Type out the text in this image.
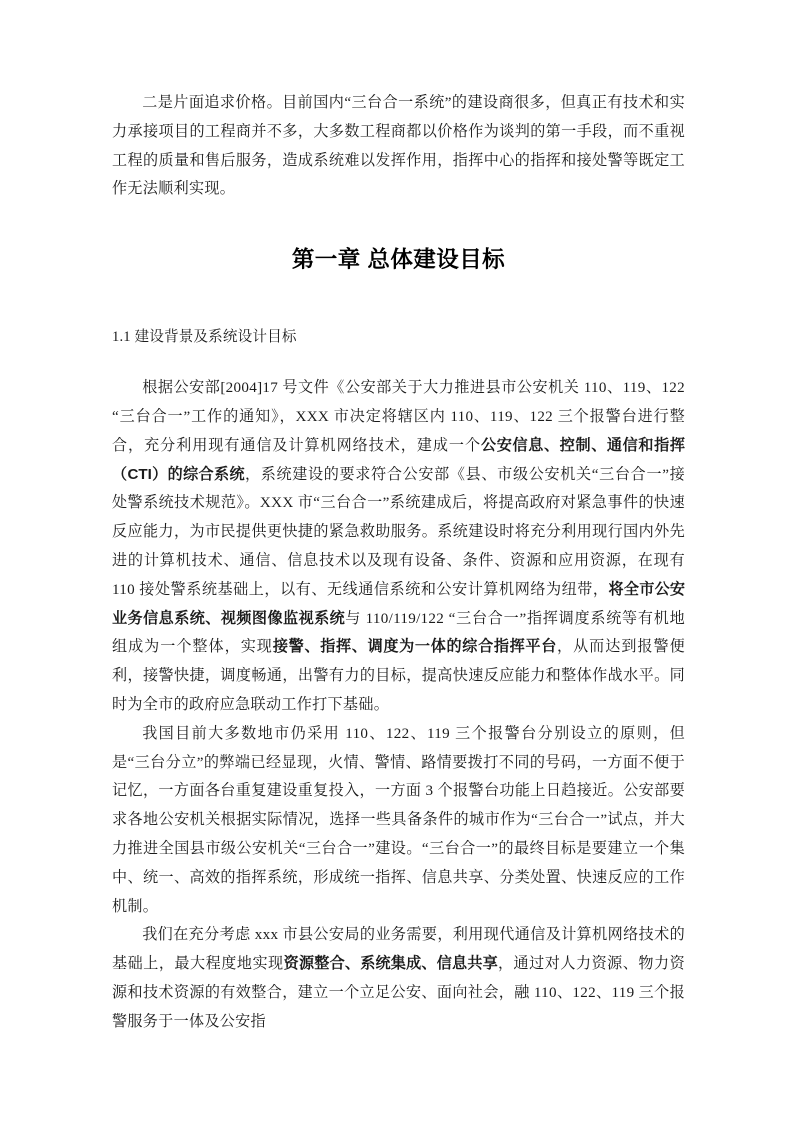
二是片面追求价格。目前国内“三台合一系统”的建设商很多，但真正有技术和实力承接项目的工程商并不多，大多数工程商都以价格作为谈判的第一手段，而不重视工程的质量和售后服务，造成系统难以发挥作用，指挥中心的指挥和接处警等既定工作无法顺利实现。

第一章 总体建设目标
1.1 建设背景及系统设计目标

根据公安部[2004]17 号文件《公安部关于大力推进县市公安机关 110、119、122 “三台合一”工作的通知》，XXX 市决定将辖区内 110、119、122 三个报警台进行整合，充分利用现有通信及计算机网络技术，建成一个公安信息、控制、通信和指挥（CTI）的综合系统，系统建设的要求符合公安部《县、市级公安机关“三台合一”接处警系统技术规范》。XXX 市“三台合一”系统建成后，将提高政府对紧急事件的快速反应能力，为市民提供更快捷的紧急救助服务。系统建设时将充分利用现行国内外先进的计算机技术、通信、信息技术以及现有设备、条件、资源和应用资源，在现有 110 接处警系统基础上，以有、无线通信系统和公安计算机网络为纽带，将全市公安业务信息系统、视频图像监视系统与 110/119/122 “三台合一”指挥调度系统等有机地组成为一个整体，实现接警、指挥、调度为一体的综合指挥平台，从而达到报警便利，接警快捷，调度畅通，出警有力的目标，提高快速反应能力和整体作战水平。同时为全市的政府应急联动工作打下基础。

我国目前大多数地市仍采用 110、122、119 三个报警台分别设立的原则，但是“三台分立”的弊端已经显现，火情、警情、路情要拨打不同的号码，一方面不便于记忆，一方面各台重复建设重复投入，一方面 3 个报警台功能上日趋接近。公安部要求各地公安机关根据实际情况，选择一些具备条件的城市作为“三台合一”试点，并大力推进全国县市级公安机关“三台合一”建设。“三台合一”的最终目标是要建立一个集中、统一、高效的指挥系统，形成统一指挥、信息共享、分类处置、快速反应的工作机制。

我们在充分考虑 xxx 市县公安局的业务需要，利用现代通信及计算机网络技术的基础上，最大程度地实现资源整合、系统集成、信息共享，通过对人力资源、物力资源和技术资源的有效整合，建立一个立足公安、面向社会，融 110、122、119 三个报警服务于一体及公安指
